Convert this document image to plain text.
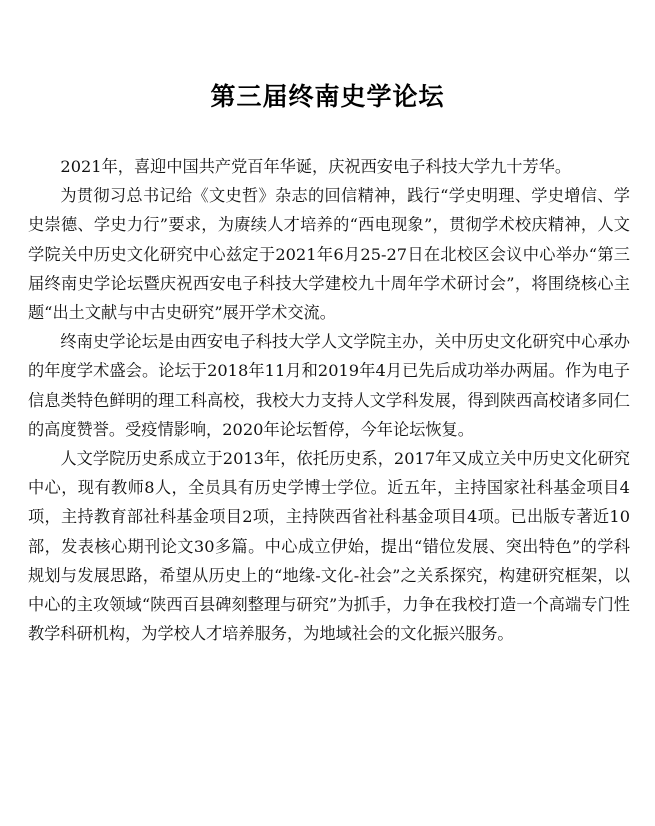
第三届终南史学论坛

2021年，喜迎中国共产党百年华诞，庆祝西安电子科技大学九十芳华。

为贯彻习总书记给《文史哲》杂志的回信精神，践行“学史明理、学史增信、学史崇德、学史力行”要求，为赓续人才培养的“西电现象”，贯彻学术校庆精神，人文学院关中历史文化研究中心兹定于2021年6月25-27日在北校区会议中心举办“第三届终南史学论坛暨庆祝西安电子科技大学建校九十周年学术研讨会”，将围绕核心主题“出土文献与中古史研究”展开学术交流。

终南史学论坛是由西安电子科技大学人文学院主办，关中历史文化研究中心承办的年度学术盛会。论坛于2018年11月和2019年4月已先后成功举办两届。作为电子信息类特色鲜明的理工科高校，我校大力支持人文学科发展，得到陕西高校诸多同仁的高度赞誉。受疫情影响，2020年论坛暂停，今年论坛恢复。

人文学院历史系成立于2013年，依托历史系，2017年又成立关中历史文化研究中心，现有教师8人，全员具有历史学博士学位。近五年，主持国家社科基金项目4项，主持教育部社科基金项目2项，主持陕西省社科基金项目4项。已出版专著近10部，发表核心期刊论文30多篇。中心成立伊始，提出“错位发展、突出特色”的学科规划与发展思路，希望从历史上的“地缘-文化-社会”之关系探究，构建研究框架，以中心的主攻领域“陕西百县碑刻整理与研究”为抓手，力争在我校打造一个高端专门性教学科研机构，为学校人才培养服务，为地域社会的文化振兴服务。
